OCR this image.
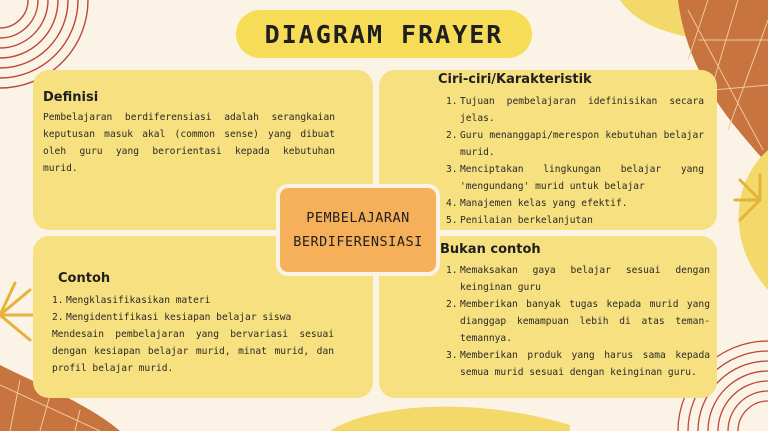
DIAGRAM FRAYER
Definisi
Pembelajaran berdiferensiasi adalah serangkaian keputusan masuk akal (common sense) yang dibuat oleh guru yang berorientasi kepada kebutuhan murid.
Ciri-ciri/Karakteristik
1. Tujuan pembelajaran idefinisikan secara jelas.
2. Guru menanggapi/merespon kebutuhan belajar murid.
3. Menciptakan lingkungan belajar yang 'mengundang' murid untuk belajar
4. Manajemen kelas yang efektif.
5. Penilaian berkelanjutan
Contoh
1. Mengklasifikasikan materi
2. Mengidentifikasi kesiapan belajar siswa
Mendesain pembelajaran yang bervariasi sesuai dengan kesiapan belajar murid, minat murid, dan profil belajar murid.
Bukan contoh
1. Memaksakan gaya belajar sesuai dengan keinginan guru
2. Memberikan banyak tugas kepada murid yang dianggap kemampuan lebih di atas teman-temannya.
3. Memberikan produk yang harus sama kepada semua murid sesuai dengan keinginan guru.
PEMBELAJARAN
BERDIFERENSIASI
